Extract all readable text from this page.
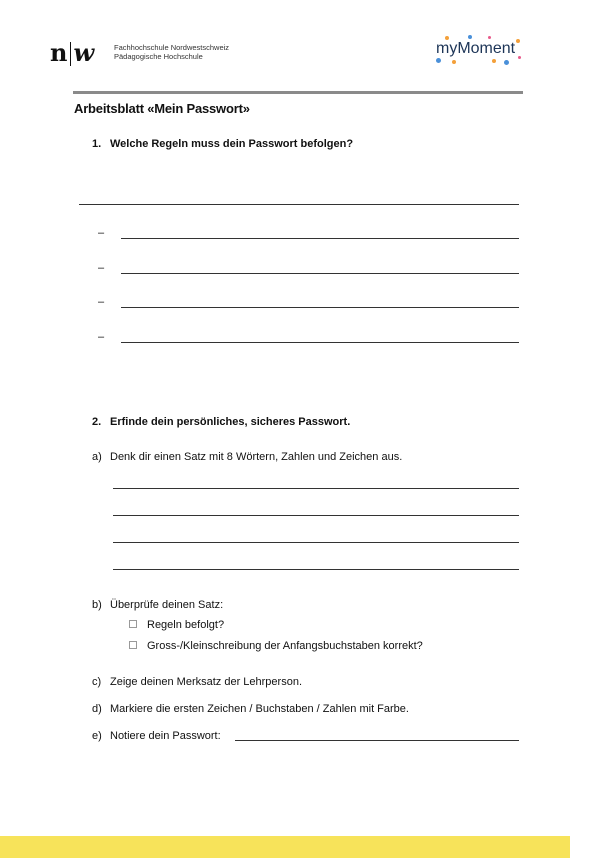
n w	Fachhochschule Nordwestschweiz
Pädagogische Hochschule	myMoment
Arbeitsblatt «Mein Passwort»
1. Welche Regeln muss dein Passwort befolgen?
–
–
–
–
2. Erfinde dein persönliches, sicheres Passwort.
a) Denk dir einen Satz mit 8 Wörtern, Zahlen und Zeichen aus.
b) Überprüfe deinen Satz:
Regeln befolgt?
Gross-/Kleinschreibung der Anfangsbuchstaben korrekt?
c) Zeige deinen Merksatz der Lehrperson.
d) Markiere die ersten Zeichen / Buchstaben / Zahlen mit Farbe.
e) Notiere dein Passwort:
